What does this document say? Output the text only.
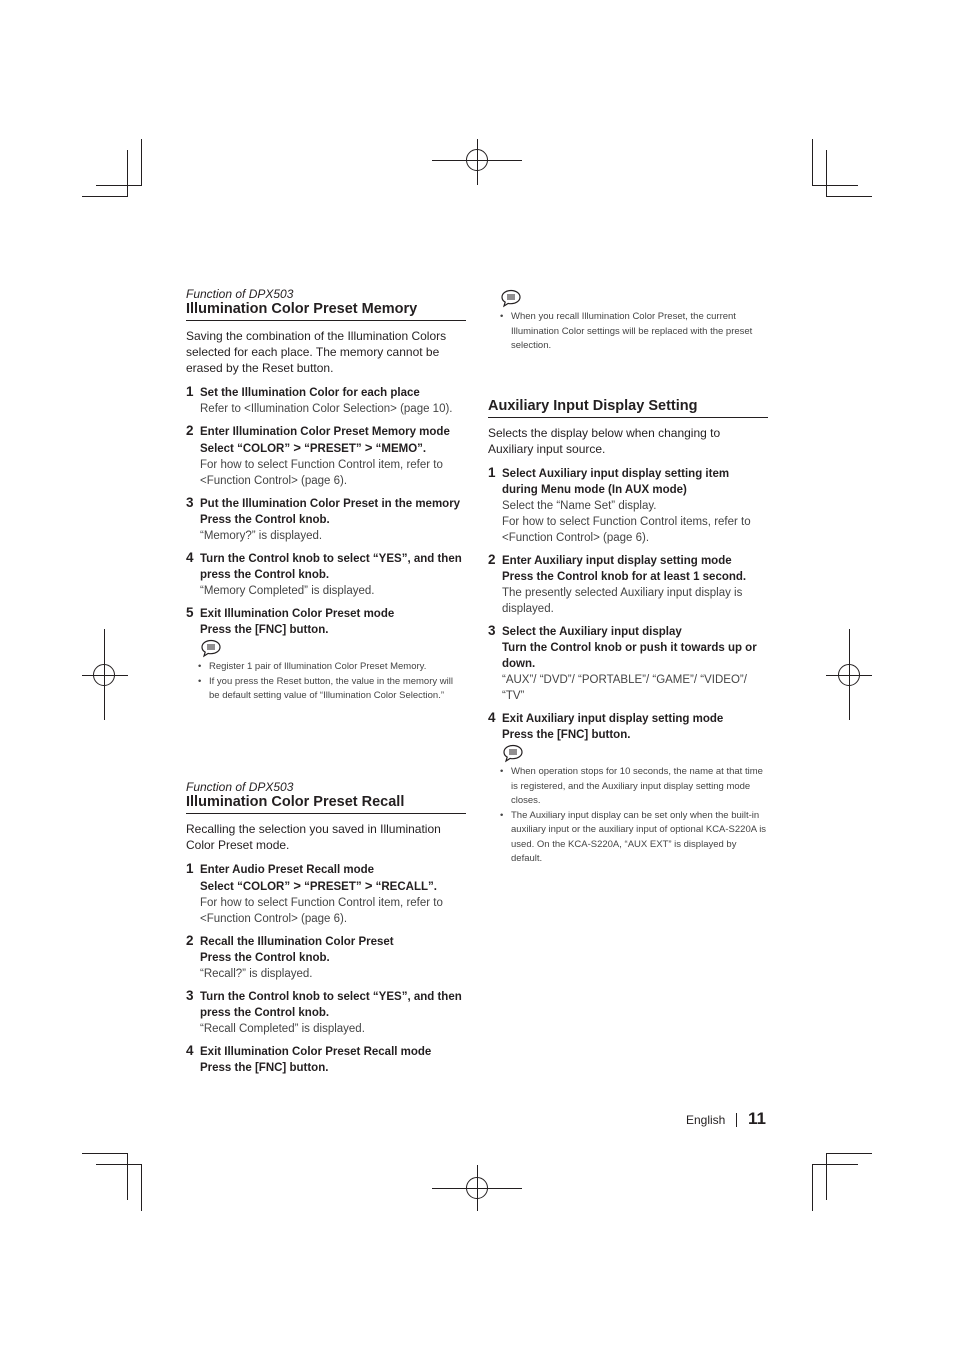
Function of DPX503
Illumination Color Preset Memory
Saving the combination of the Illumination Colors selected for each place. The memory cannot be erased by the Reset button.
1 Set the Illumination Color for each place
Refer to <Illumination Color Selection> (page 10).
2 Enter Illumination Color Preset Memory mode
Select “COLOR” > “PRESET” > “MEMO”.
For how to select Function Control item, refer to <Function Control> (page 6).
3 Put the Illumination Color Preset in the memory
Press the Control knob.
“Memory?” is displayed.
4 Turn the Control knob to select “YES”, and then press the Control knob.
“Memory Completed” is displayed.
5 Exit Illumination Color Preset mode
Press the [FNC] button.
• Register 1 pair of Illumination Color Preset Memory.
• If you press the Reset button, the value in the memory will be default setting value of “Illumination Color Selection.”
Function of DPX503
Illumination Color Preset Recall
Recalling the selection you saved in Illumination Color Preset mode.
1 Enter Audio Preset Recall mode
Select “COLOR” > “PRESET” > “RECALL”.
For how to select Function Control item, refer to <Function Control> (page 6).
2 Recall the Illumination Color Preset
Press the Control knob.
“Recall?” is displayed.
3 Turn the Control knob to select “YES”, and then press the Control knob.
“Recall Completed” is displayed.
4 Exit Illumination Color Preset Recall mode
Press the [FNC] button.
• When you recall Illumination Color Preset, the current Illumination Color settings will be replaced with the preset selection.
Auxiliary Input Display Setting
Selects the display below when changing to Auxiliary input source.
1 Select Auxiliary input display setting item during Menu mode (In AUX mode)
Select the “Name Set” display.
For how to select Function Control items, refer to <Function Control> (page 6).
2 Enter Auxiliary input display setting mode
Press the Control knob for at least 1 second.
The presently selected Auxiliary input display is displayed.
3 Select the Auxiliary input display
Turn the Control knob or push it towards up or down.
“AUX”/ “DVD”/ “PORTABLE”/ “GAME”/ “VIDEO”/ “TV”
4 Exit Auxiliary input display setting mode
Press the [FNC] button.
• When operation stops for 10 seconds, the name at that time is registered, and the Auxiliary input display setting mode closes.
• The Auxiliary input display can be set only when the built-in auxiliary input or the auxiliary input of optional KCA-S220A is used. On the KCA-S220A, “AUX EXT” is displayed by default.
English 11
